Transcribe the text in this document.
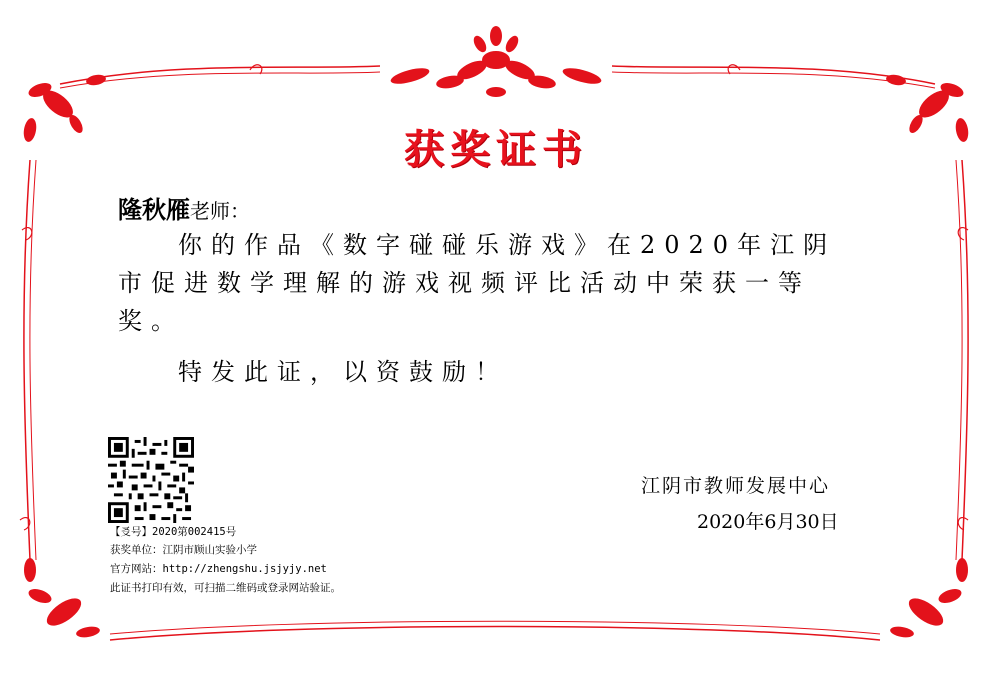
获奖证书
隆秋雁老师：

你的作品《数字碰碰乐游戏》在2020年江阴

市促进数学理解的游戏视频评比活动中荣获一等

奖。

特发此证，以资鼓励！
江阴市教师发展中心
2020年6月30日
【㕛号】2020第002415号
获奖单位：江阴市顾山实验小学
官方网站：http://zhengshu.jsjyjy.net
此证书打印有效，可扫描二维码或登录网站验证。
